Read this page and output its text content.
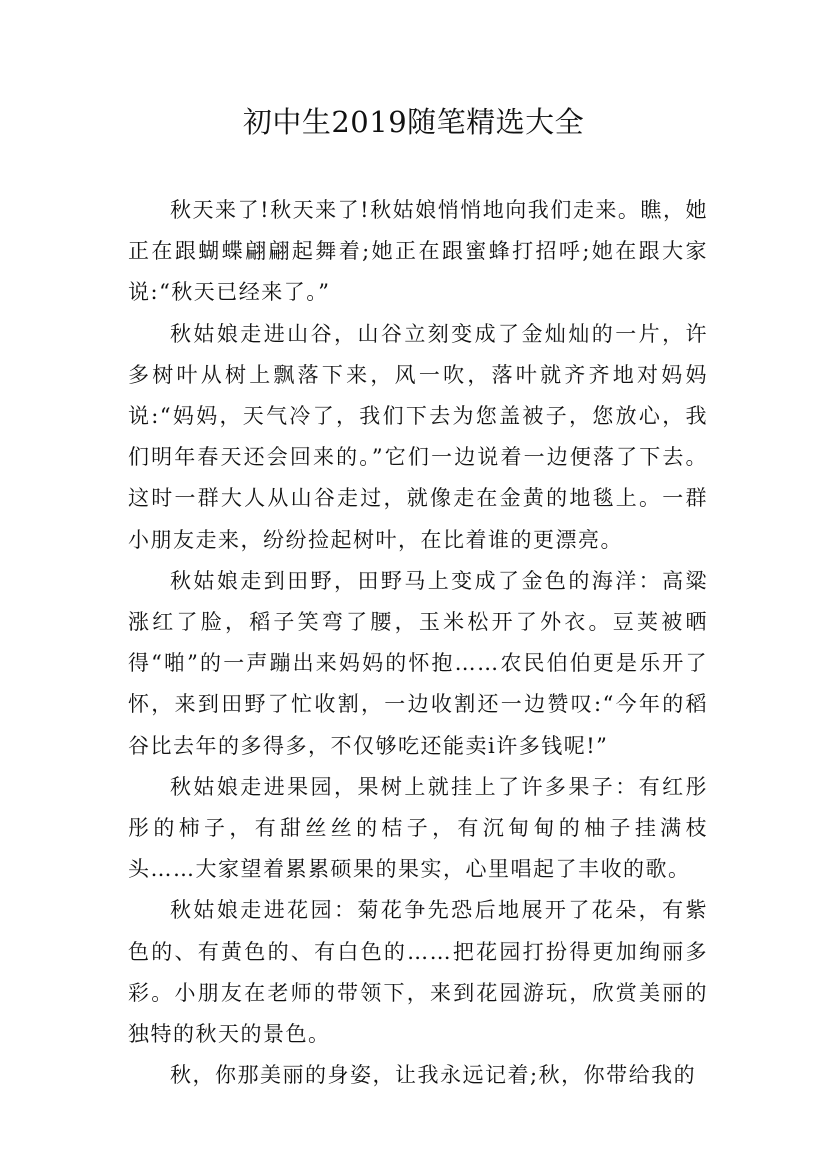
初中生2019随笔精选大全

秋天来了!秋天来了!秋姑娘悄悄地向我们走来。瞧，她正在跟蝴蝶翩翩起舞着;她正在跟蜜蜂打招呼;她在跟大家说:“秋天已经来了。”

秋姑娘走进山谷，山谷立刻变成了金灿灿的一片，许多树叶从树上飘落下来，风一吹，落叶就齐齐地对妈妈说:“妈妈，天气冷了，我们下去为您盖被子，您放心，我们明年春天还会回来的。”它们一边说着一边便落了下去。这时一群大人从山谷走过，就像走在金黄的地毯上。一群小朋友走来，纷纷捡起树叶，在比着谁的更漂亮。

秋姑娘走到田野，田野马上变成了金色的海洋：高粱涨红了脸，稻子笑弯了腰，玉米松开了外衣。豆荚被晒得“啪”的一声蹦出来妈妈的怀抱……农民伯伯更是乐开了怀，来到田野了忙收割，一边收割还一边赞叹:“今年的稻谷比去年的多得多，不仅够吃还能卖i许多钱呢!”

秋姑娘走进果园，果树上就挂上了许多果子：有红彤彤的柿子，有甜丝丝的桔子，有沉甸甸的柚子挂满枝头……大家望着累累硕果的果实，心里唱起了丰收的歌。

秋姑娘走进花园：菊花争先恐后地展开了花朵，有紫色的、有黄色的、有白色的……把花园打扮得更加绚丽多彩。小朋友在老师的带领下，来到花园游玩，欣赏美丽的独特的秋天的景色。

秋，你那美丽的身姿，让我永远记着;秋，你带给我的
